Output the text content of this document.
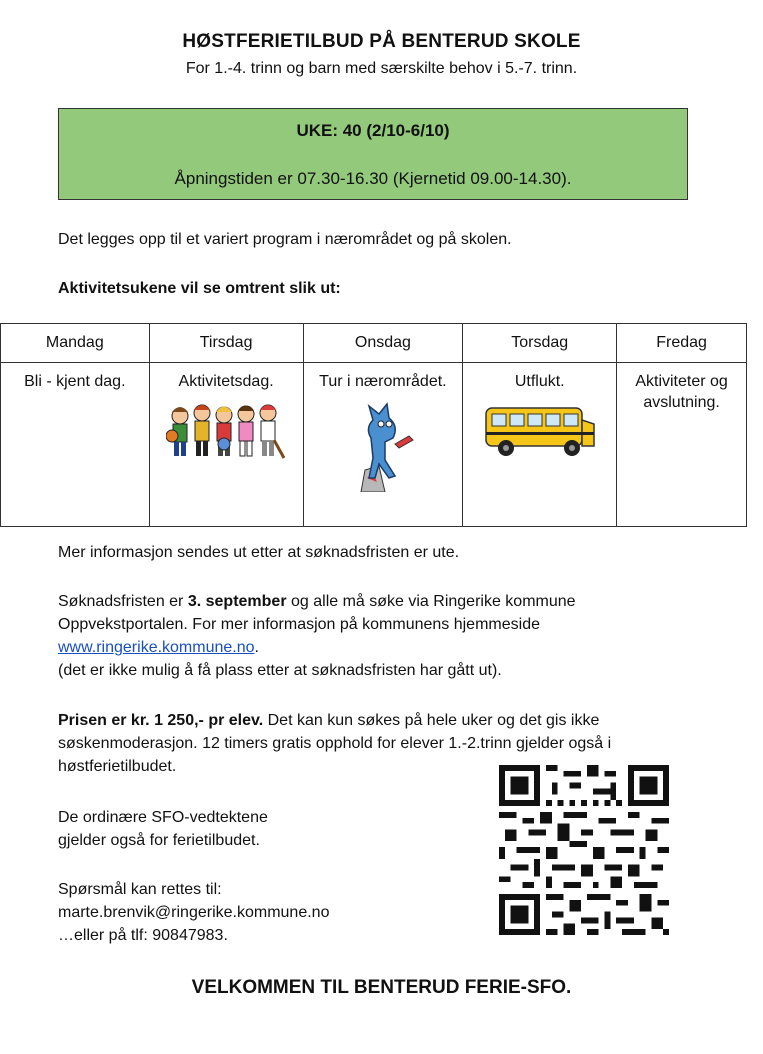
HØSTFERIETILBUD PÅ BENTERUD SKOLE
For 1.-4. trinn og barn med særskilte behov i 5.-7. trinn.
UKE: 40 (2/10-6/10)
Åpningstiden er 07.30-16.30 (Kjernetid 09.00-14.30).
Det legges opp til et variert program i nærområdet og på skolen.
Aktivitetsukene vil se omtrent slik ut:
Mandag	Tirsdag	Onsdag	Torsdag	Fredag
Bli - kjent dag.	Aktivitetsdag.	Tur i nærområdet.	Utflukt.	Aktiviteter og avslutning.
Mer informasjon sendes ut etter at søknadsfristen er ute.
Søknadsfristen er 3. september og alle må søke via Ringerike kommune
Oppvekstportalen. For mer informasjon på kommunens hjemmeside
www.ringerike.kommune.no.
(det er ikke mulig å få plass etter at søknadsfristen har gått ut).
Prisen er kr. 1 250,- pr elev. Det kan kun søkes på hele uker og det gis ikke
søskenmoderasjon. 12 timers gratis opphold for elever 1.-2.trinn gjelder også i
høstferietilbudet.
De ordinære SFO-vedtektene
gjelder også for ferietilbudet.
Spørsmål kan rettes til:
marte.brenvik@ringerike.kommune.no
…eller på tlf: 90847983.
VELKOMMEN TIL BENTERUD FERIE-SFO.
